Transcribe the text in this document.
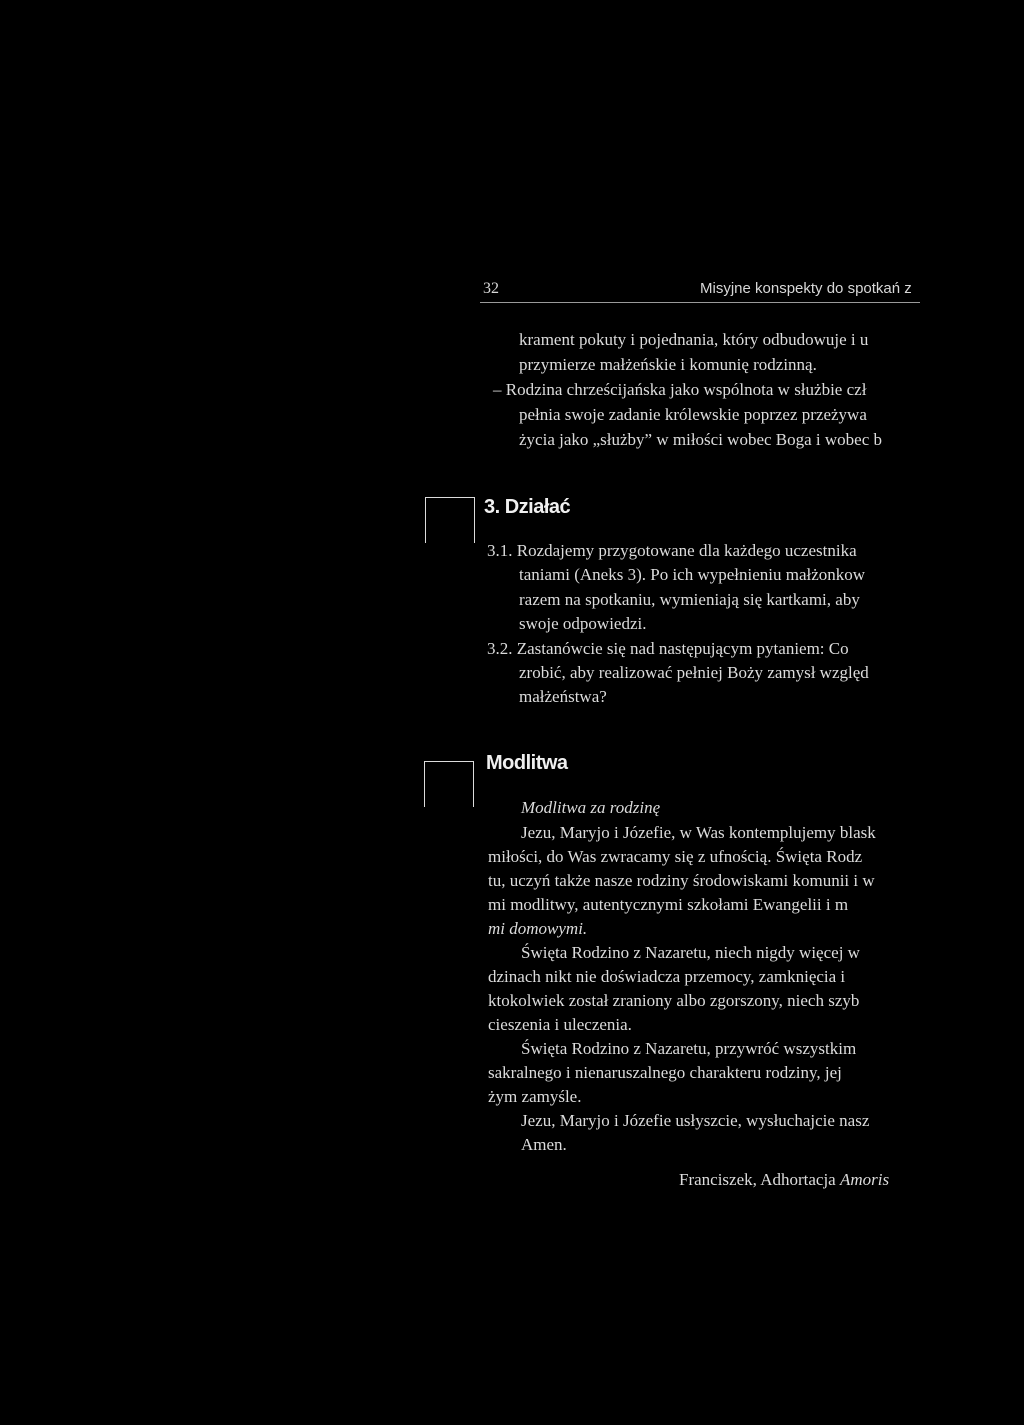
32	Misyjne konspekty do spotkań z
krament pokuty i pojednania, który odbudowuje i u
przymierze małżeńskie i komunię rodzinną.
– Rodzina chrześcijańska jako wspólnota w służbie czł
pełnia swoje zadanie królewskie poprzez przeżywa
życia jako „służby” w miłości wobec Boga i wobec b
3. Działać
3.1. Rozdajemy przygotowane dla każdego uczestnika
taniami (Aneks 3). Po ich wypełnieniu małżonkow
razem na spotkaniu, wymieniają się kartkami, aby
swoje odpowiedzi.
3.2. Zastanówcie się nad następującym pytaniem: Co
zrobić, aby realizować pełniej Boży zamysł względ
małżeństwa?
Modlitwa
Modlitwa za rodzinę
Jezu, Maryjo i Józefie, w Was kontemplujemy blask
miłości, do Was zwracamy się z ufnością. Święta Rodz
tu, uczyń także nasze rodziny środowiskami komunii i w
mi modlitwy, autentycznymi szkołami Ewangelii i m
mi domowymi.
Święta Rodzino z Nazaretu, niech nigdy więcej w
dzinach nikt nie doświadcza przemocy, zamknięcia i
ktokolwiek został zraniony albo zgorszony, niech szyb
cieszenia i uleczenia.
Święta Rodzino z Nazaretu, przywróć wszystkim
sakralnego i nienaruszalnego charakteru rodziny, jej
żym zamyśle.
Jezu, Maryjo i Józefie usłyszcie, wysłuchajcie nasz
Amen.
Franciszek, Adhortacja Amoris
